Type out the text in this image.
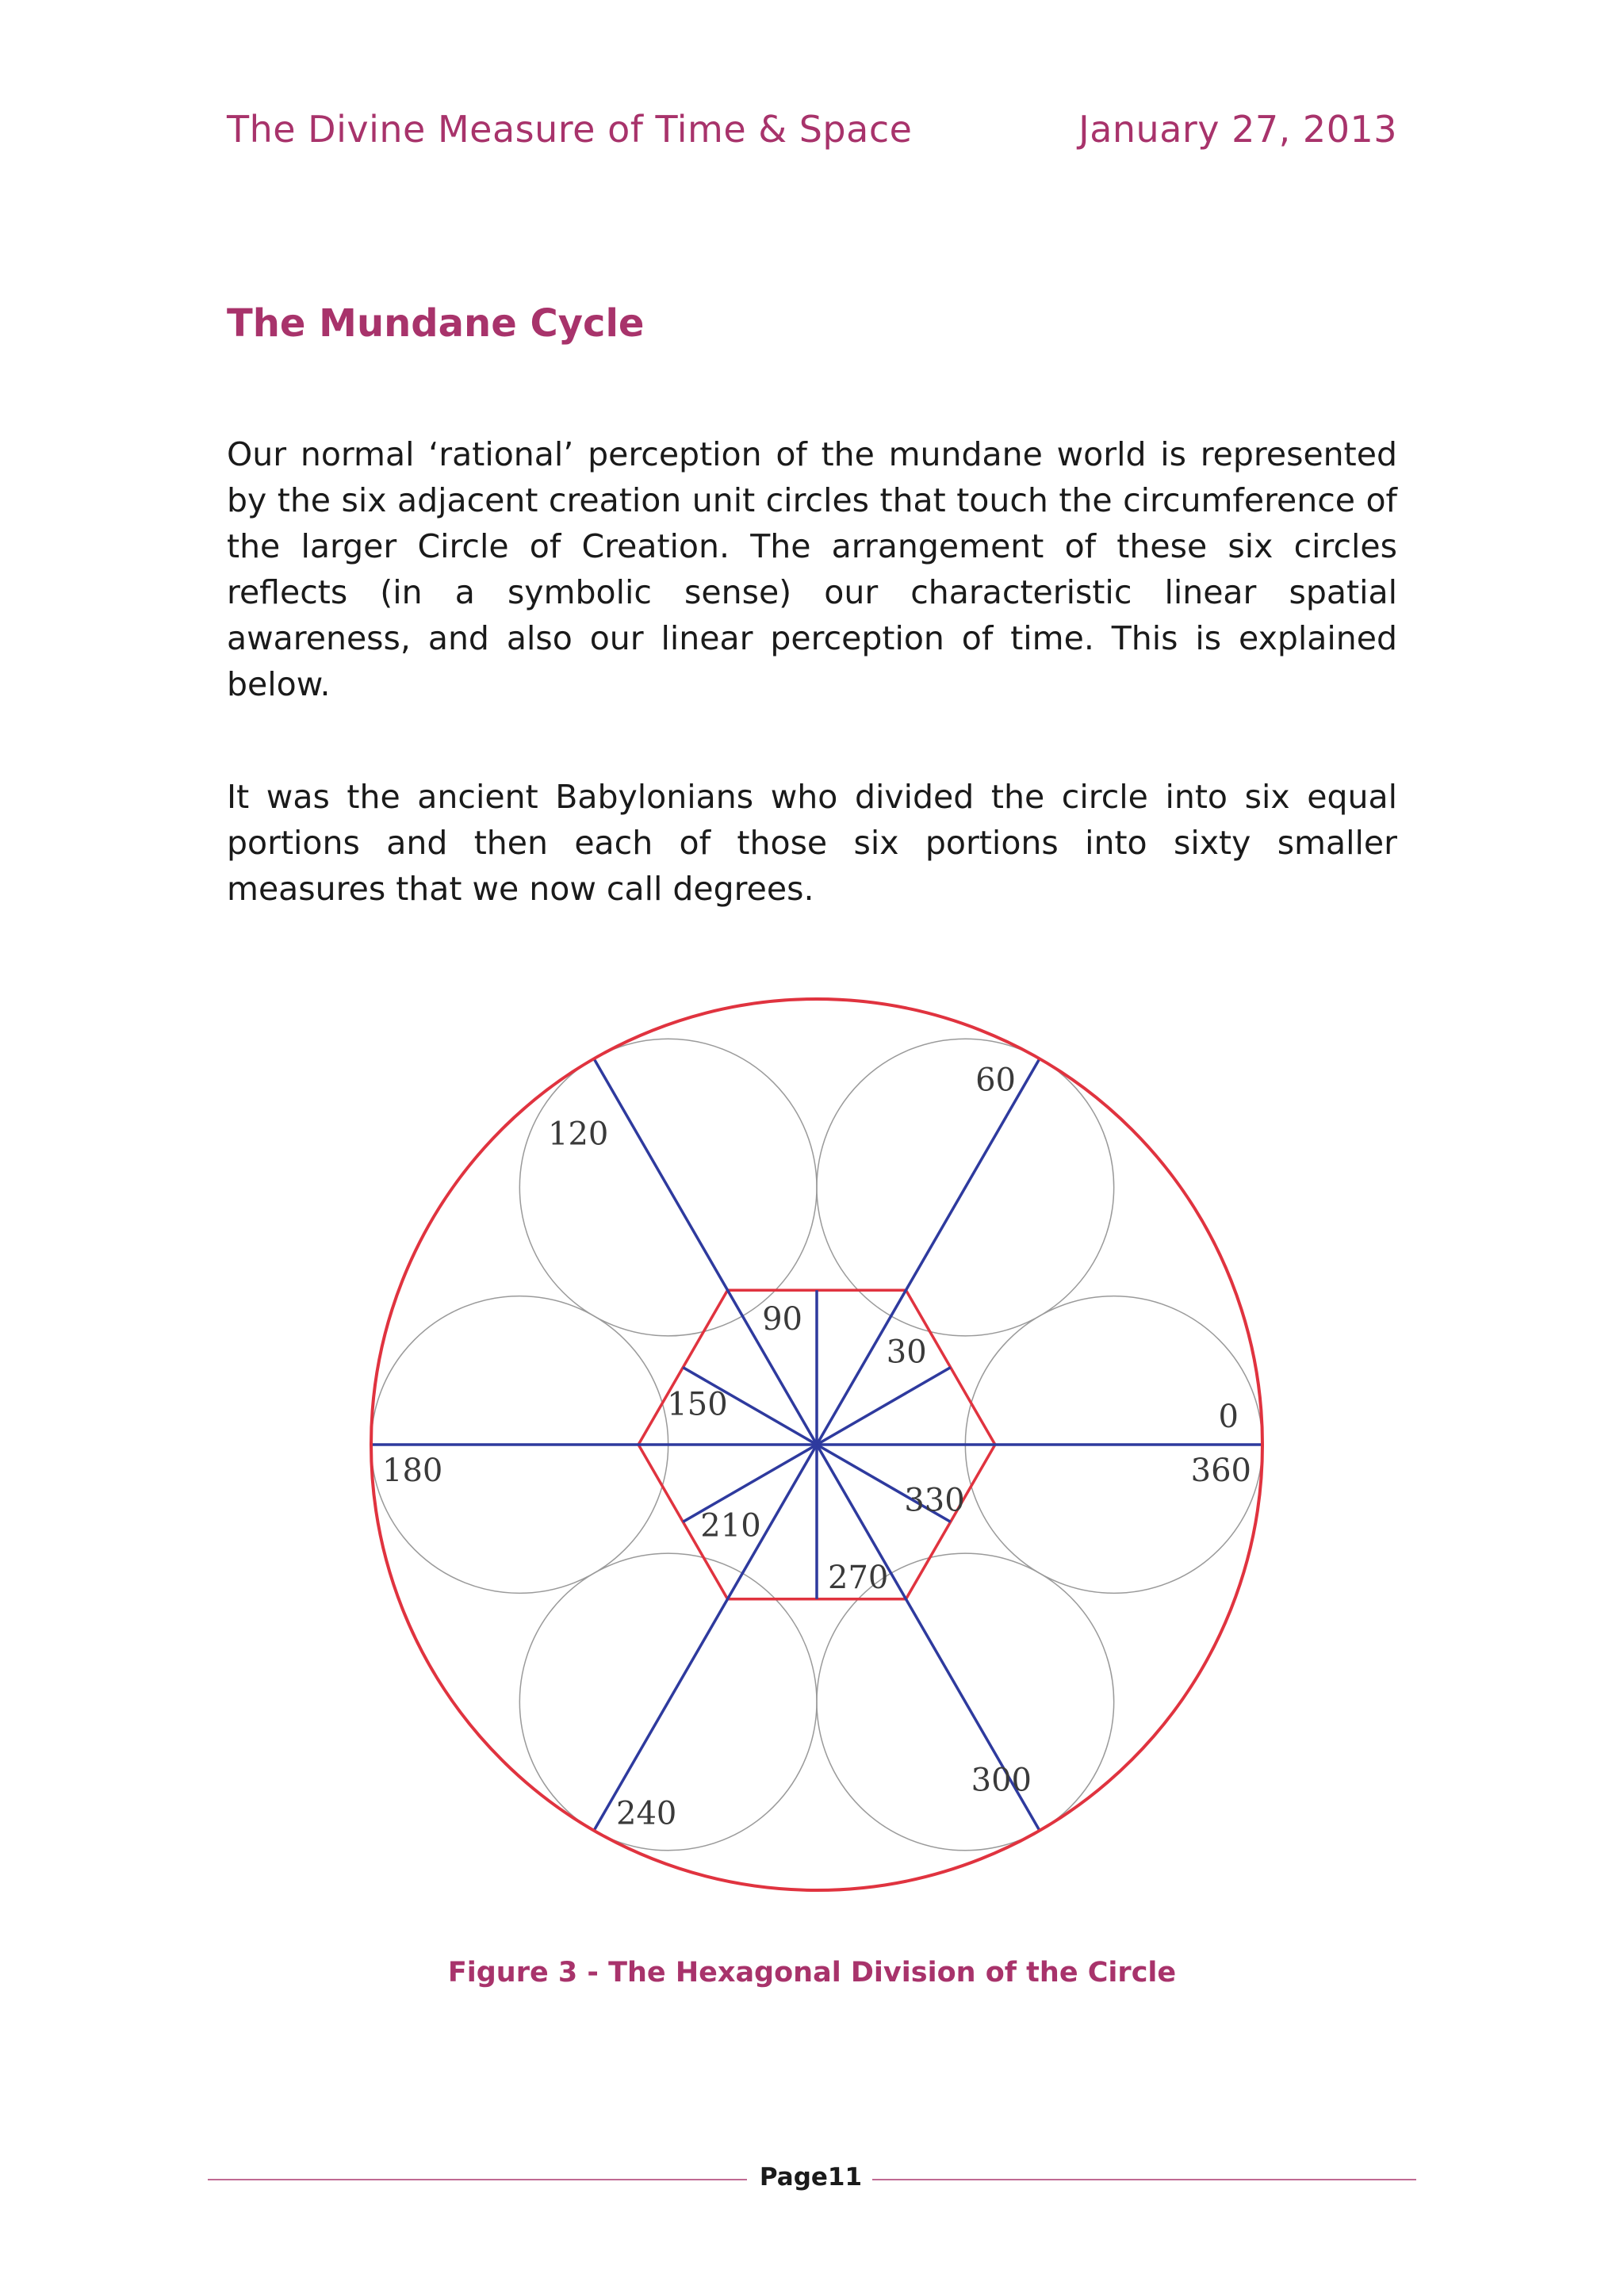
The Divine Measure of Time & Space	January 27, 2013
The Mundane Cycle
Our normal ‘rational’ perception of the mundane world is represented by the six adjacent creation unit circles that touch the circumference of the larger Circle of Creation. The arrangement of these six circles reflects (in a symbolic sense) our characteristic linear spatial awareness, and also our linear perception of time. This is explained below.
It was the ancient Babylonians who divided the circle into six equal portions and then each of those six portions into sixty smaller measures that we now call degrees.
0
360
30
60
90
120
150
180
210
240
270
300
330
Figure 3 - The Hexagonal Division of the Circle
Page11
